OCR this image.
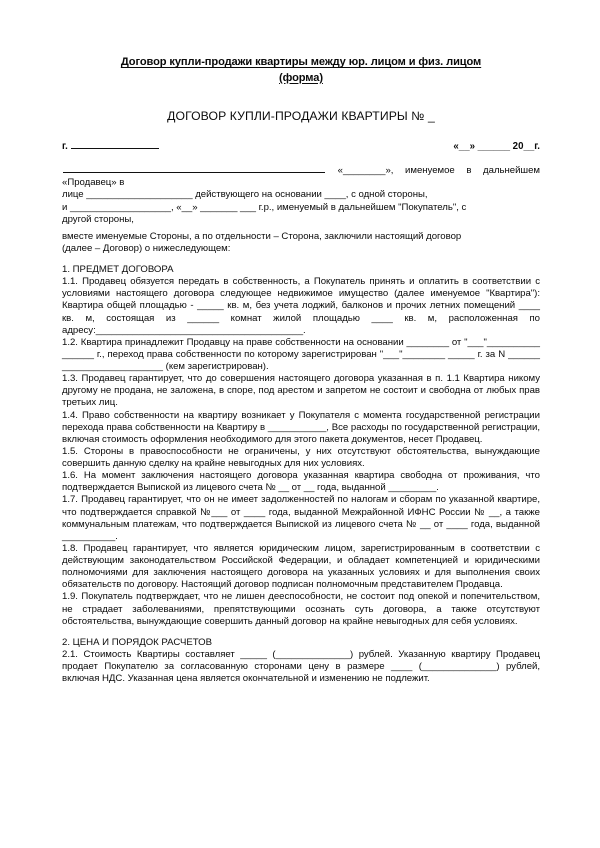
Договор купли-продажи квартиры между юр. лицом и физ. лицом
(форма)
ДОГОВОР КУПЛИ-ПРОДАЖИ КВАРТИРЫ № _
г.	«__» ______ 20__г.

«________», именуемое в дальнейшем «Продавец» в

лице ____________________ действующего на основании ____, с одной стороны,

и ___________________, «__» _______ ___ г.р., именуемый в дальнейшем "Покупатель", с

другой стороны,

вместе именуемые Стороны, а по отдельности – Сторона, заключили настоящий договор

(далее – Договор) о нижеследующем:

1. ПРЕДМЕТ ДОГОВОРА

1.1. Продавец обязуется передать в собственность, а Покупатель принять и оплатить в соответствии с условиями настоящего договора следующее недвижимое имущество (далее именуемое "Квартира"): Квартира общей площадью - _____ кв. м, без учета лоджий, балконов и прочих летних помещений ____ кв. м, состоящая из ______ комнат жилой площадью ____ кв. м, расположенная по адресу:_______________________________________.

1.2. Квартира принадлежит Продавцу на праве собственности на основании ________ от "___"__________ ______ г., переход права собственности по которому зарегистрирован "___"________ _____ г. за N ______ ___________________ (кем зарегистрирован).

1.3. Продавец гарантирует, что до совершения настоящего договора указанная в п. 1.1 Квартира никому другому не продана, не заложена, в споре, под арестом и запретом не состоит и свободна от любых прав третьих лиц.

1.4. Право собственности на квартиру возникает у Покупателя с момента государственной регистрации перехода права собственности на Квартиру в ___________, Все расходы по государственной регистрации, включая стоимость оформления необходимого для этого пакета документов, несет Продавец.

1.5. Стороны в правоспособности не ограничены, у них отсутствуют обстоятельства, вынуждающие совершить данную сделку на крайне невыгодных для них условиях.

1.6. На момент заключения настоящего договора указанная квартира свободна от проживания, что подтверждается Выпиской из лицевого счета № __ от __ года, выданной _________.

1.7. Продавец гарантирует, что он не имеет задолженностей по налогам и сборам по указанной квартире, что подтверждается справкой №___ от ____ года, выданной Межрайонной ИФНС России № __, а также коммунальным платежам, что подтверждается Выпиской из лицевого счета № __ от ____ года, выданной __________.

1.8. Продавец гарантирует, что является юридическим лицом, зарегистрированным в соответствии с действующим законодательством Российской Федерации, и обладает компетенцией и юридическими полномочиями для заключения настоящего договора на указанных условиях и для выполнения своих обязательств по договору. Настоящий договор подписан полномочным представителем Продавца.

1.9. Покупатель подтверждает, что не лишен дееспособности, не состоит под опекой и попечительством, не страдает заболеваниями, препятствующими осознать суть договора, а также отсутствуют обстоятельства, вынуждающие совершить данный договор на крайне невыгодных для себя условиях.

2. ЦЕНА И ПОРЯДОК РАСЧЕТОВ

2.1. Стоимость Квартиры составляет _____ (______________) рублей. Указанную квартиру Продавец продает Покупателю за согласованную сторонами цену в размере ____ (______________) рублей, включая НДС. Указанная цена является окончательной и изменению не подлежит.
